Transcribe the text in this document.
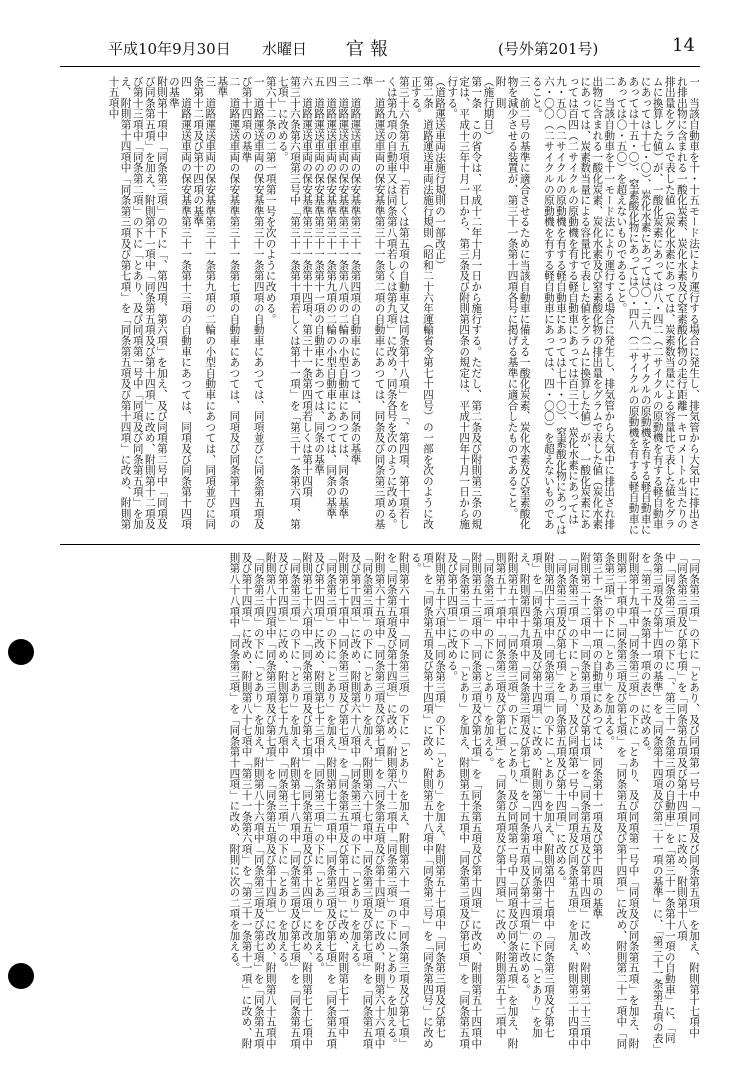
平成10年9月30日 水曜日 官報	(号外第201号)	14

一　当該自動車を十・十五モード法により運行する場合に発生し、排気管から大気中に排出され排出物に含まれる一酸化炭素、炭化水素及び窒素酸化物の走行距離一キロメートル当たりの排出量をグラムで表した値（炭化水素にあっては、炭素数当量による容量比で表した値をグラムに換算した値）が、一酸化炭素にあっては八・四二（二サイクルの原動機を有する軽自動車にあっては十七・〇）、炭化水素にあっては〇・三九（二サイクルの原動機を有する軽自動車にあっては十五・〇）、窒素酸化物にあっては〇・四八（二サイクルの原動機を有する軽自動車にあっては〇・五〇）を超えないものであること。

二　当該自動車を十一モード法により運行する場合に発生し、排気管から大気中に排出され排出物に含まれる一酸化炭素、炭化水素及び窒素酸化物の排出量をグラムで表した値（炭化水素にあっては、炭素数当量による容量比で表した値をグラムに換算した値）が、一酸化炭素にあっては百四（二サイクルの原動機を有する軽自動車にあっては百三十）、炭化水素にあっては九・五〇（二サイクルの原動機を有する軽自動車にあっては七十・〇）、窒素酸化物にあっては六・〇〇（二サイクルの原動機を有する軽自動車にあっては、四・〇〇）を超えないものであること。

三　前二号の基準に適合させるために当該自動車に備える一酸化炭素、炭化水素及び窒素酸化物を減少させる装置が、第三十一条第十四項各号に掲げる基準に適合したものであること。

附　則

（施行期日）

第一条　この省令は、平成十二年十月一日から施行する。ただし、第二条及び附則第三条の規定は、平成十三年十月一日から、第三条及び附則第四条の規定は、平成十四年十月一日から施行する。

（道路運送車両法施行規則の一部改正）

第二条　道路運送車両法施行規則（昭和二十六年運輸省令第七十四号）の一部を次のように改正する。

第三十六条第五項中「若しくは第五項の自動車又は同条第十八項」を「、第四項、第十項若しくは第九項の自動車又は同条第八項若しくは第九項」に改め、同条各号を次のように改める。

一　道路運送車両の保安基準第三十一条第二項の自動車にあつては、同条及び同条第三項の基準

二　道路運送車両の保安基準第三十一条第四項の自動車にあつては、同条の基準

三　道路運送車両の保安基準第三十一条第八項の二輪の小型自動車にあつては、同条の基準

四　道路運送車両の保安基準第三十一条第九項の二輪の小型自動車にあつては、同条の基準

五　道路運送車両の保安基準第三十一条第十一項の自動車にあつては、同条の基準

六　道路運送車両の保安基準第三十一条第十四項、第三十一条第四項若しくは第十四項

第三十六条第六項第三号中「第三十一条第十項若しくは第十一項」を「第三十一条第六項、第七項」に改める。

第六十二条の二第一項第一号を次のように改める。

一　道路運送車両の保安基準第三十一条第四項の自動車にあつては、同項並びに同条第五項及び第十四項の基準

二　道路運送車両の保安基準第三十一条第七項の自動車にあつては、同項及び同条第十四項の基準

三　道路運送車両の保安基準第三十一条第九項の二輪の小型自動車にあつては、同項並びに同条第十二項及び第十四項の基準

四　道路運送車両の保安基準第三十一条第十三項の自動車にあつては、同項及び同条第十四項の基準

附則第十項中「同条第三項」の下に「、第四項、第六項」を加え、及び同項第二号中「同項及び同条第五項」を加え、附則第十一項中「同条第五項及び第十四項」に改め、附則第十二項及び第十三項中「同条第二項」の下に「とあり、及び同項第一号中「同項及び同条第五項」を加え、附則第十四項中「同条第三項及び第七項」を「同条第五項及び第十四項」に改め、附則第十五項中

「同条第三項」の下に「とあり、及び同項第一号中「同項及び同条第五項」を加え、附則第十七項中「同条第三項及び第七項」を「同条第五項及び第十四項」に改め、附則第十八項

中「同条第三項」の下に「、第三十一条第三項の自動車」を「第三十一条第十一項の自動車」に、「同条第三項及び第十四項の基準」を「同条第十四項及び第二十一項の基準」に、「第三十一条第五項の表」を「第三十一条第十一項の表」に改める。

附則第十九項中「同条第三項」の下に「とあり、及び同項第一号中「同項及び同条第五項」を加え、附則第二十項中「同条第三項及び第七項」を「同条第五項及び第十四項」に改め、附則第二十一項中「同条第三項」の下に「とあり」を加える。

第三十一条第十一項の自動車にあつては、同条第十一項及び第十四項の基準

附則第二十二項中「同条第三項及び第七項」を「同条第五項及び第十四項」に改め、附則第二十三項中「同条第三項」の下に「とあり、及び同項第一号中「同項及び同条第五項」を加え、附則第二十四項中「同条第三項及び第七項」を「同条第五項及び第十四項」に改める。

附則第四十六項中「同条第三項」の下に「とあり」を加え、附則第四十七項中「同条第三項及び第七項」を「同条第五項及び第十四項」に改め、附則第四十八項中「同条第三項」の下に「とあり」を加え、附則第四十九項中「同条第三項及び第七項」を「同条第五項及び第十四項」に改める。

附則第五十項中「同条第三項」の下に「とあり、及び同項第一号中「同項及び同条第五項」を加え、附則第五十一項中「同条第三項及び第七項」を「同条第五項及び第十四項」に改め、附則第五十二項中「同条第三項」の下に「とあり」を加える。

附則第五十三項中「同条第三項及び第七項」を「同条第五項及び第十四項」に改め、附則第五十四項中「同条第三項」の下に「とあり」を加え、附則第五十五項中「同条第三項及び第七項」を「同条第五項及び第十四項」に改める。

附則第五十六項中「同条第三項」の下に「とあり」を加え、附則第五十七項中「同条第三項及び第七項」を「同条第五項及び第十四項」に改め、附則第五十八項中「同条第二号」を「同条第四号」に改める。

附則第六十項中「同条第三項」の下に「とあり」を加え、附則第六十一項中「同条第三項及び第七項」を「同条第五項及び第十四項」に改め、附則第六十二項中「同条第三項」の下に「とあり」を加える。

附則第六十五項中「同条第三項及び第七項」を「同条第五項及び第十四項」に改め、附則第六十六項中「同条第三項」の下に「とあり」を加え、附則第六十七項中「同条第三項及び第七項」を「同条第五項及び第十四項」に改め、附則第六十八項中「同条第三項」の下に「とあり」を加える。

附則第七十項中「同条第三項及び第七項」を「同条第五項及び第十四項」に改め、附則第七十一項中「同条第三項」の下に「とあり」を加え、附則第七十二項中「同条第三項及び第七項」を「同条第五項及び第十四項」に改め、附則第七十三項中「同条第三項」の下に「とあり」を加える。

附則第七十六項中「同条第三項及び第七項」を「同条第五項及び第十四項」に改め、附則第七十七項中「同条第三項」の下に「とあり」を加え、附則第七十八項中「同条第三項及び第七項」を「同条第五項及び第十四項」に改め、附則第七十九項中「同条第三項」の下に「とあり」を加える。

附則第八十四項中「同条第三項及び第七項」を「同条第五項及び第十四項」に改め、附則第八十五項中「同条第三項」の下に「とあり」を加え、附則第八十六項中「同条第三項及び第七項」を「同条第五項及び第十四項」に改め、附則第八十七項中「第三十一条第六項」を「第三十一条第十一項」に改め、附則第八十八項中「同条第三項」を「同条第十四項」に改め、附則に次の二項を加える。
